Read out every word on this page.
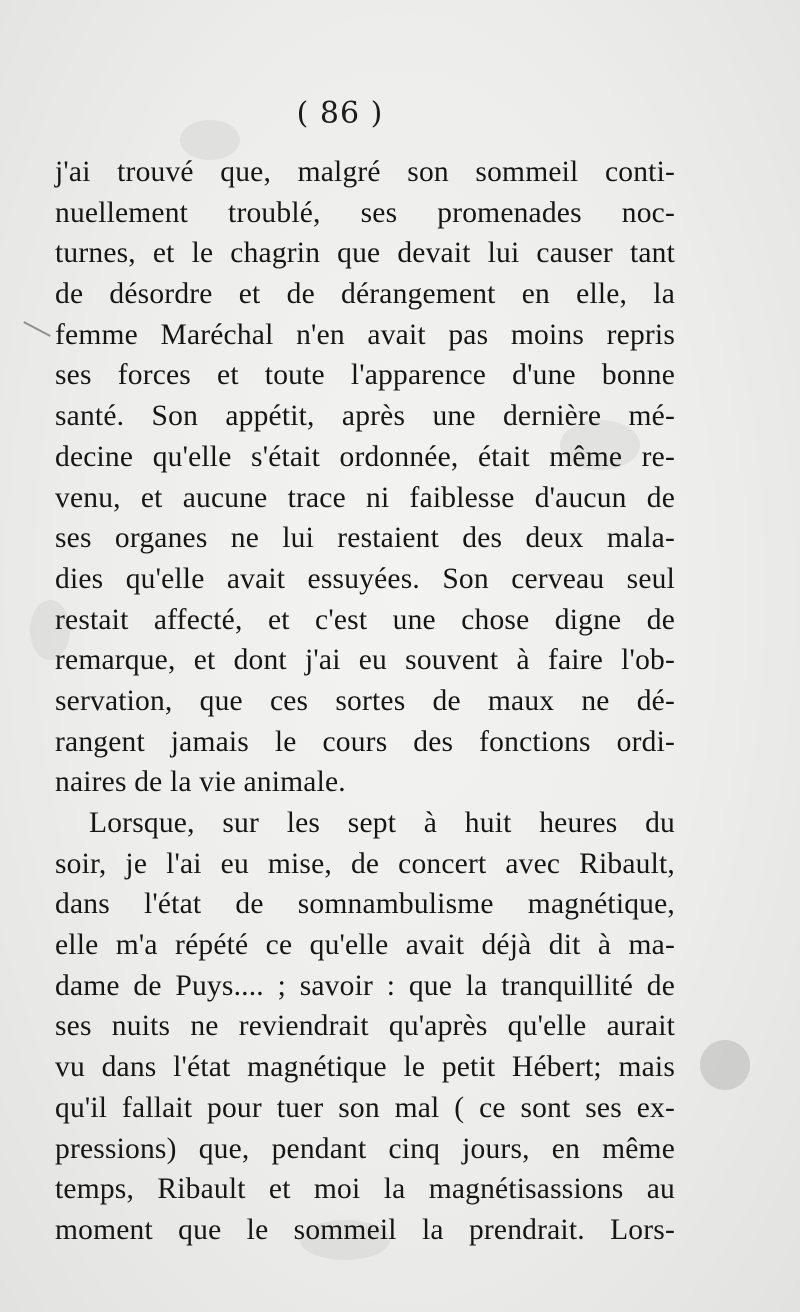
( 86 )
j'ai trouvé que, malgré son sommeil conti-
nuellement troublé, ses promenades noc-
turnes, et le chagrin que devait lui causer tant
de désordre et de dérangement en elle, la
femme Maréchal n'en avait pas moins repris
ses forces et toute l'apparence d'une bonne
santé. Son appétit, après une dernière mé-
decine qu'elle s'était ordonnée, était même re-
venu, et aucune trace ni faiblesse d'aucun de
ses organes ne lui restaient des deux mala-
dies qu'elle avait essuyées. Son cerveau seul
restait affecté, et c'est une chose digne de
remarque, et dont j'ai eu souvent à faire l'ob-
servation, que ces sortes de maux ne dé-
rangent jamais le cours des fonctions ordi-
naires de la vie animale.
Lorsque, sur les sept à huit heures du
soir, je l'ai eu mise, de concert avec Ribault,
dans l'état de somnambulisme magnétique,
elle m'a répété ce qu'elle avait déjà dit à ma-
dame de Puys.... ; savoir : que la tranquillité de
ses nuits ne reviendrait qu'après qu'elle aurait
vu dans l'état magnétique le petit Hébert; mais
qu'il fallait pour tuer son mal ( ce sont ses ex-
pressions) que, pendant cinq jours, en même
temps, Ribault et moi la magnétisassions au
moment que le sommeil la prendrait. Lors-
